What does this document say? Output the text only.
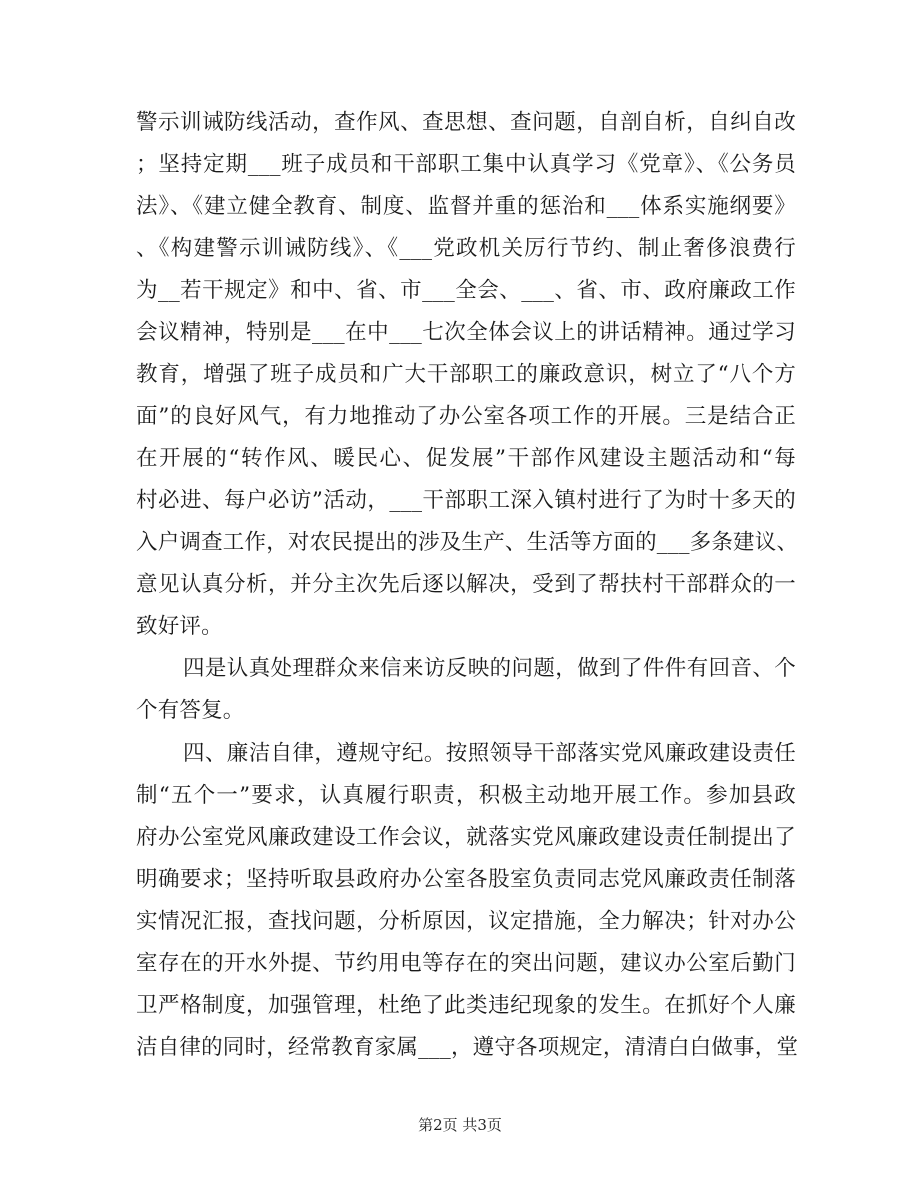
警示训诫防线活动，查作风、查思想、查问题，自剖自析，自纠自改
；坚持定期___班子成员和干部职工集中认真学习《党章》、《公务员
法》、《建立健全教育、制度、监督并重的惩治和___体系实施纲要》
、《构建警示训诫防线》、《___党政机关厉行节约、制止奢侈浪费行
为__若干规定》和中、省、市___全会、___、省、市、政府廉政工作
会议精神，特别是___在中___七次全体会议上的讲话精神。通过学习
教育，增强了班子成员和广大干部职工的廉政意识，树立了“八个方
面”的良好风气，有力地推动了办公室各项工作的开展。三是结合正
在开展的“转作风、暖民心、促发展”干部作风建设主题活动和“每
村必进、每户必访”活动，___干部职工深入镇村进行了为时十多天的
入户调查工作，对农民提出的涉及生产、生活等方面的___多条建议、
意见认真分析，并分主次先后逐以解决，受到了帮扶村干部群众的一
致好评。
四是认真处理群众来信来访反映的问题，做到了件件有回音、个
个有答复。
四、廉洁自律，遵规守纪。按照领导干部落实党风廉政建设责任
制“五个一”要求，认真履行职责，积极主动地开展工作。参加县政
府办公室党风廉政建设工作会议，就落实党风廉政建设责任制提出了
明确要求；坚持听取县政府办公室各股室负责同志党风廉政责任制落
实情况汇报，查找问题，分析原因，议定措施，全力解决；针对办公
室存在的开水外提、节约用电等存在的突出问题，建议办公室后勤门
卫严格制度，加强管理，杜绝了此类违纪现象的发生。在抓好个人廉
洁自律的同时，经常教育家属___，遵守各项规定，清清白白做事，堂
第2页 共3页
